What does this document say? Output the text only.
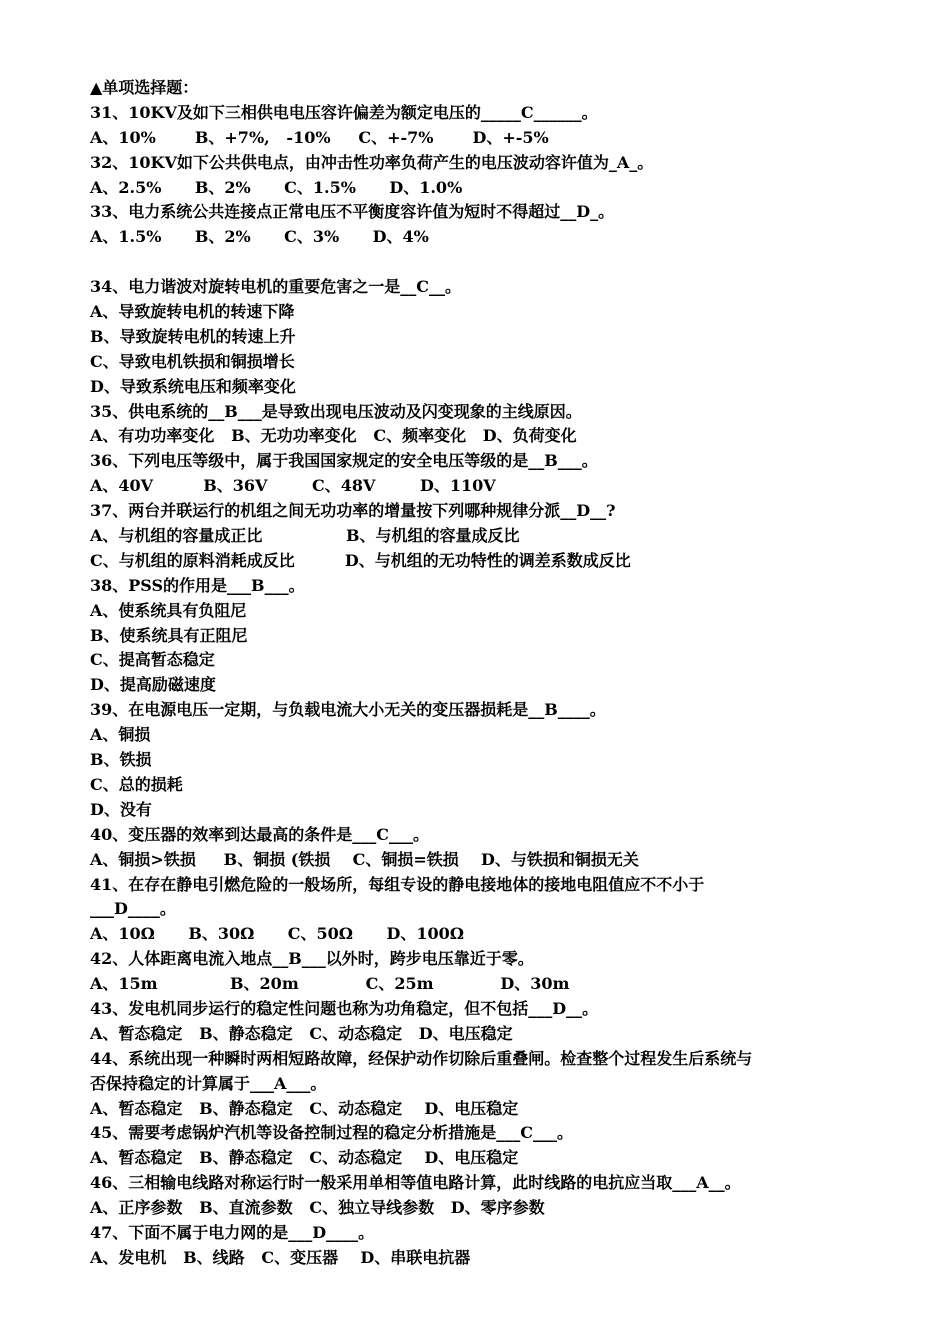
▲单项选择题：
31、10KV及如下三相供电电压容许偏差为额定电压的_____C______。
A、10%       B、+7%,   -10%     C、+-7%       D、+-5%
32、10KV如下公共供电点，由冲击性功率负荷产生的电压波动容许值为_A_。
A、2.5%      B、2%      C、1.5%      D、1.0%
33、电力系统公共连接点正常电压不平衡度容许值为短时不得超过__D_。
A、1.5%      B、2%      C、3%      D、4%
34、电力谐波对旋转电机的重要危害之一是__C__。
A、导致旋转电机的转速下降
B、导致旋转电机的转速上升
C、导致电机铁损和铜损增长
D、导致系统电压和频率变化
35、供电系统的__B___是导致出现电压波动及闪变现象的主线原因。
A、有功功率变化   B、无功功率变化   C、频率变化   D、负荷变化
36、下列电压等级中，属于我国国家规定的安全电压等级的是__B___。
A、40V         B、36V        C、48V        D、110V
37、两台并联运行的机组之间无功功率的增量按下列哪种规律分派__D__?
A、与机组的容量成正比               B、与机组的容量成反比
C、与机组的原料消耗成反比         D、与机组的无功特性的调差系数成反比
38、PSS的作用是___B___。
A、使系统具有负阻尼
B、使系统具有正阻尼
C、提高暂态稳定
D、提高励磁速度
39、在电源电压一定期，与负载电流大小无关的变压器损耗是__B____。
A、铜损
B、铁损
C、总的损耗
D、没有
40、变压器的效率到达最高的条件是___C___。
A、铜损>铁损     B、铜损 (铁损    C、铜损=铁损    D、与铁损和铜损无关
41、在存在静电引燃危险的一般场所，每组专设的静电接地体的接地电阻值应不不小于
___D____。
A、10Ω      B、30Ω      C、50Ω      D、100Ω
42、人体距离电流入地点__B___以外时，跨步电压靠近于零。
A、15m             B、20m            C、25m            D、30m
43、发电机同步运行的稳定性问题也称为功角稳定，但不包括___D__。
A、暂态稳定   B、静态稳定   C、动态稳定   D、电压稳定
44、系统出现一种瞬时两相短路故障，经保护动作切除后重叠闸。检查整个过程发生后系统与
否保持稳定的计算属于___A___。
A、暂态稳定   B、静态稳定   C、动态稳定    D、电压稳定
45、需要考虑锅炉汽机等设备控制过程的稳定分析措施是___C___。
A、暂态稳定   B、静态稳定   C、动态稳定    D、电压稳定
46、三相输电线路对称运行时一般采用单相等值电路计算，此时线路的电抗应当取___A__。
A、正序参数   B、直流参数   C、独立导线参数   D、零序参数
47、下面不属于电力网的是___D____。
A、发电机   B、线路   C、变压器    D、串联电抗器
